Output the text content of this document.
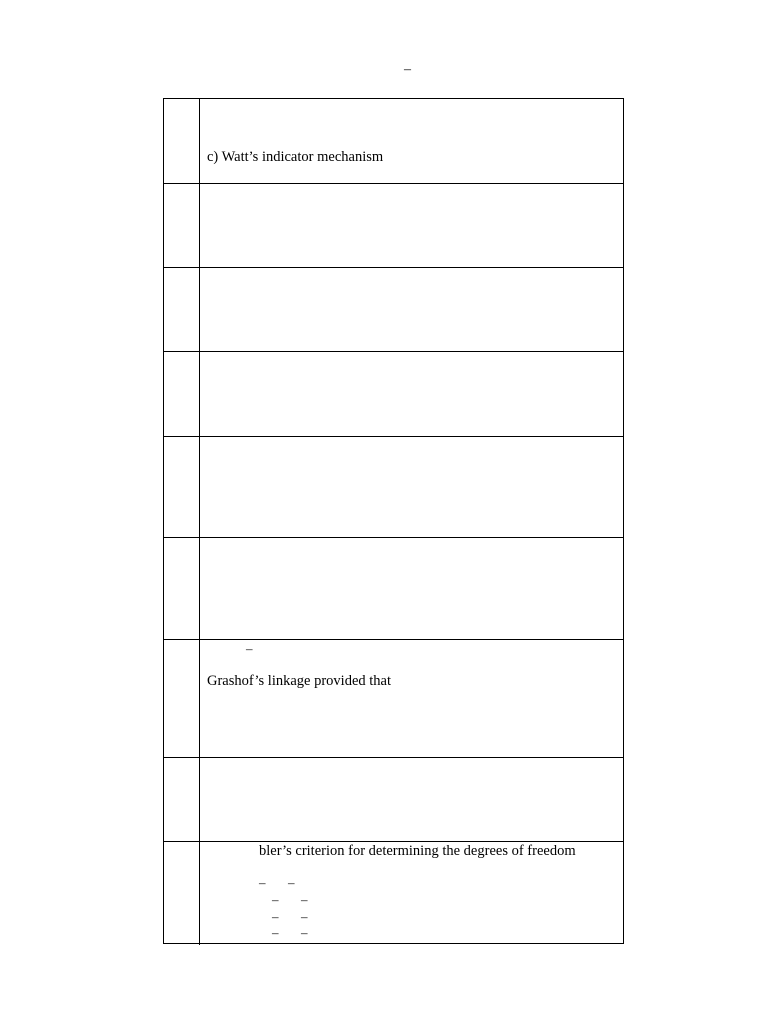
–
c) Watt’s indicator mechanism
–
Grashof’s linkage provided that
bler’s criterion for determining the degrees of freedom
– –
– –
– –
– –
